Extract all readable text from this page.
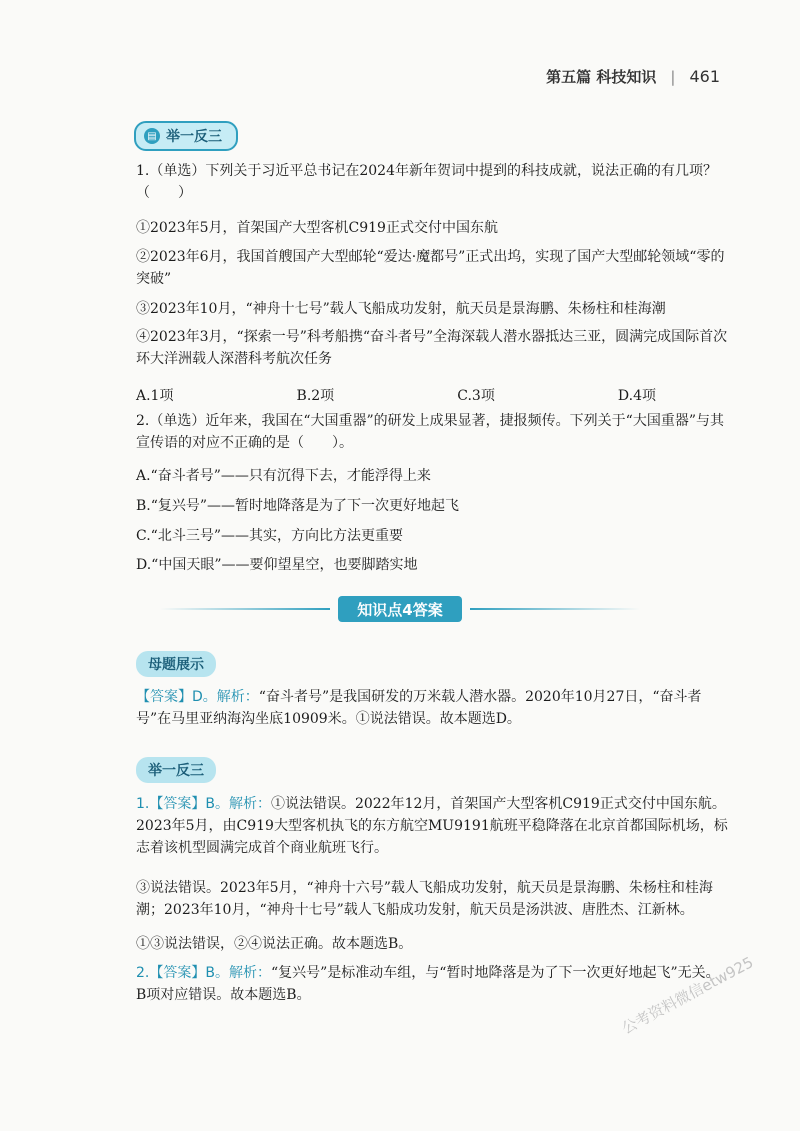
第五篇 科技知识 | 461
▤ 举一反三
1.（单选）下列关于习近平总书记在2024年新年贺词中提到的科技成就，说法正确的有几项？（　　）
①2023年5月，首架国产大型客机C919正式交付中国东航
②2023年6月，我国首艘国产大型邮轮“爱达·魔都号”正式出坞，实现了国产大型邮轮领域“零的突破”
③2023年10月，“神舟十七号”载人飞船成功发射，航天员是景海鹏、朱杨柱和桂海潮
④2023年3月，“探索一号”科考船携“奋斗者号”全海深载人潜水器抵达三亚，圆满完成国际首次环大洋洲载人深潜科考航次任务
A.1项	B.2项	C.3项	D.4项
2.（单选）近年来，我国在“大国重器”的研发上成果显著，捷报频传。下列关于“大国重器”与其宣传语的对应不正确的是（　　）。
A.“奋斗者号”——只有沉得下去，才能浮得上来
B.“复兴号”——暂时地降落是为了下一次更好地起飞
C.“北斗三号”——其实，方向比方法更重要
D.“中国天眼”——要仰望星空，也要脚踏实地
知识点4答案
母题展示
【答案】D。解析：“奋斗者号”是我国研发的万米载人潜水器。2020年10月27日，“奋斗者号”在马里亚纳海沟坐底10909米。①说法错误。故本题选D。
举一反三
1.【答案】B。解析：①说法错误。2022年12月，首架国产大型客机C919正式交付中国东航。2023年5月，由C919大型客机执飞的东方航空MU9191航班平稳降落在北京首都国际机场，标志着该机型圆满完成首个商业航班飞行。
③说法错误。2023年5月，“神舟十六号”载人飞船成功发射，航天员是景海鹏、朱杨柱和桂海潮；2023年10月，“神舟十七号”载人飞船成功发射，航天员是汤洪波、唐胜杰、江新林。
①③说法错误，②④说法正确。故本题选B。
2.【答案】B。解析：“复兴号”是标准动车组，与“暂时地降落是为了下一次更好地起飞”无关。B项对应错误。故本题选B。	公考资料微信etw925
